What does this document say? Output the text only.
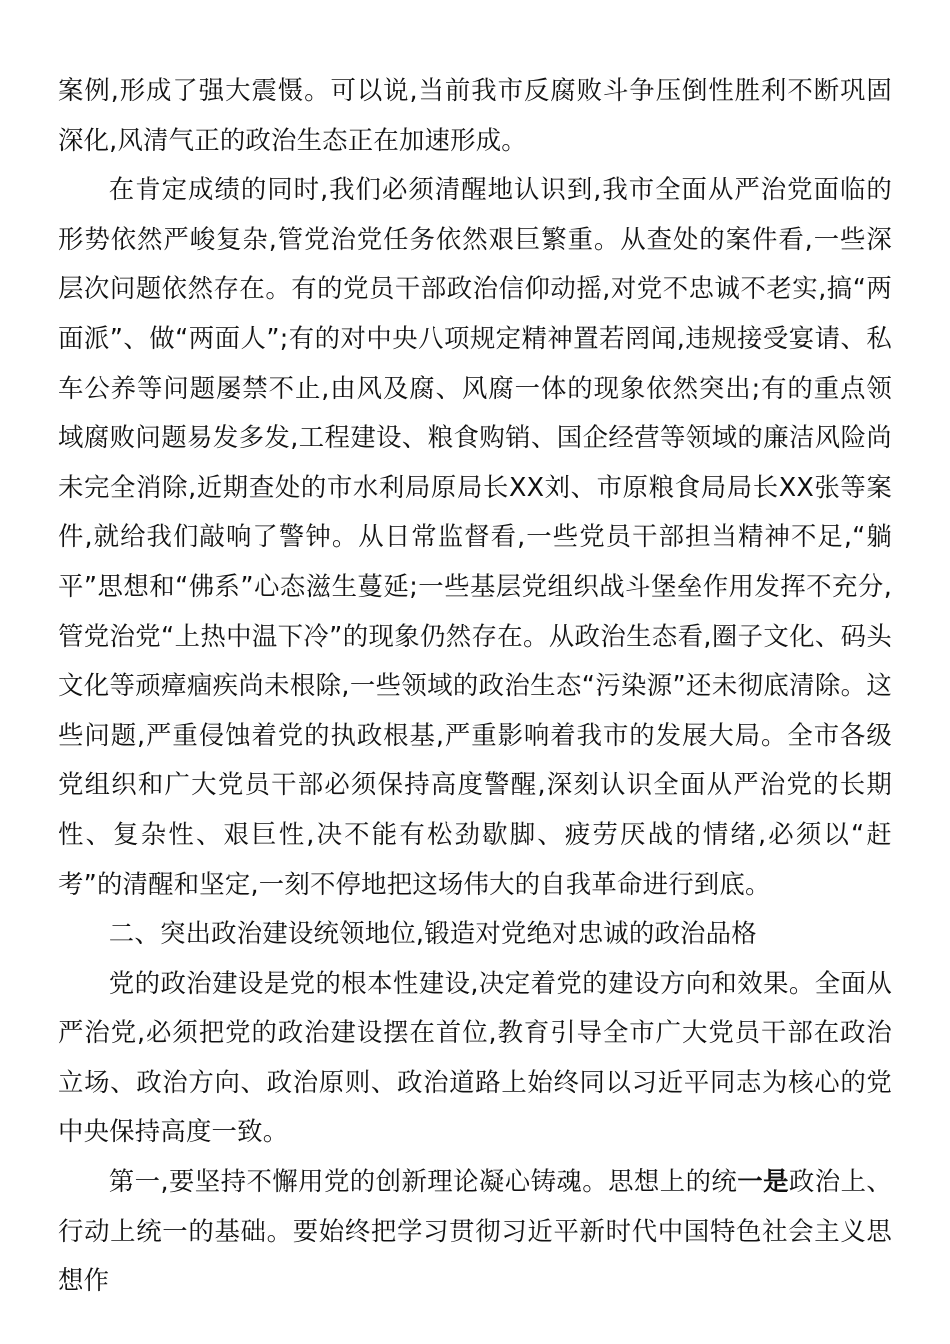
案例,形成了强大震慑。可以说,当前我市反腐败斗争压倒性胜利不断巩固深化,风清气正的政治生态正在加速形成。

在肯定成绩的同时,我们必须清醒地认识到,我市全面从严治党面临的形势依然严峻复杂,管党治党任务依然艰巨繁重。从查处的案件看,一些深层次问题依然存在。有的党员干部政治信仰动摇,对党不忠诚不老实,搞“两面派”、做“两面人”;有的对中央八项规定精神置若罔闻,违规接受宴请、私车公养等问题屡禁不止,由风及腐、风腐一体的现象依然突出;有的重点领域腐败问题易发多发,工程建设、粮食购销、国企经营等领域的廉洁风险尚未完全消除,近期查处的市水利局原局长XX刘、市原粮食局局长XX张等案件,就给我们敲响了警钟。从日常监督看,一些党员干部担当精神不足,“躺平”思想和“佛系”心态滋生蔓延;一些基层党组织战斗堡垒作用发挥不充分,管党治党“上热中温下冷”的现象仍然存在。从政治生态看,圈子文化、码头文化等顽瘴痼疾尚未根除,一些领域的政治生态“污染源”还未彻底清除。这些问题,严重侵蚀着党的执政根基,严重影响着我市的发展大局。全市各级党组织和广大党员干部必须保持高度警醒,深刻认识全面从严治党的长期性、复杂性、艰巨性,决不能有松劲歇脚、疲劳厌战的情绪,必须以“赶考”的清醒和坚定,一刻不停地把这场伟大的自我革命进行到底。

二、突出政治建设统领地位,锻造对党绝对忠诚的政治品格

党的政治建设是党的根本性建设,决定着党的建设方向和效果。全面从严治党,必须把党的政治建设摆在首位,教育引导全市广大党员干部在政治立场、政治方向、政治原则、政治道路上始终同以习近平同志为核心的党中央保持高度一致。

第一,要坚持不懈用党的创新理论凝心铸魂。思想上的统一是政治上、行动上统一的基础。要始终把学习贯彻习近平新时代中国特色社会主义思想作
